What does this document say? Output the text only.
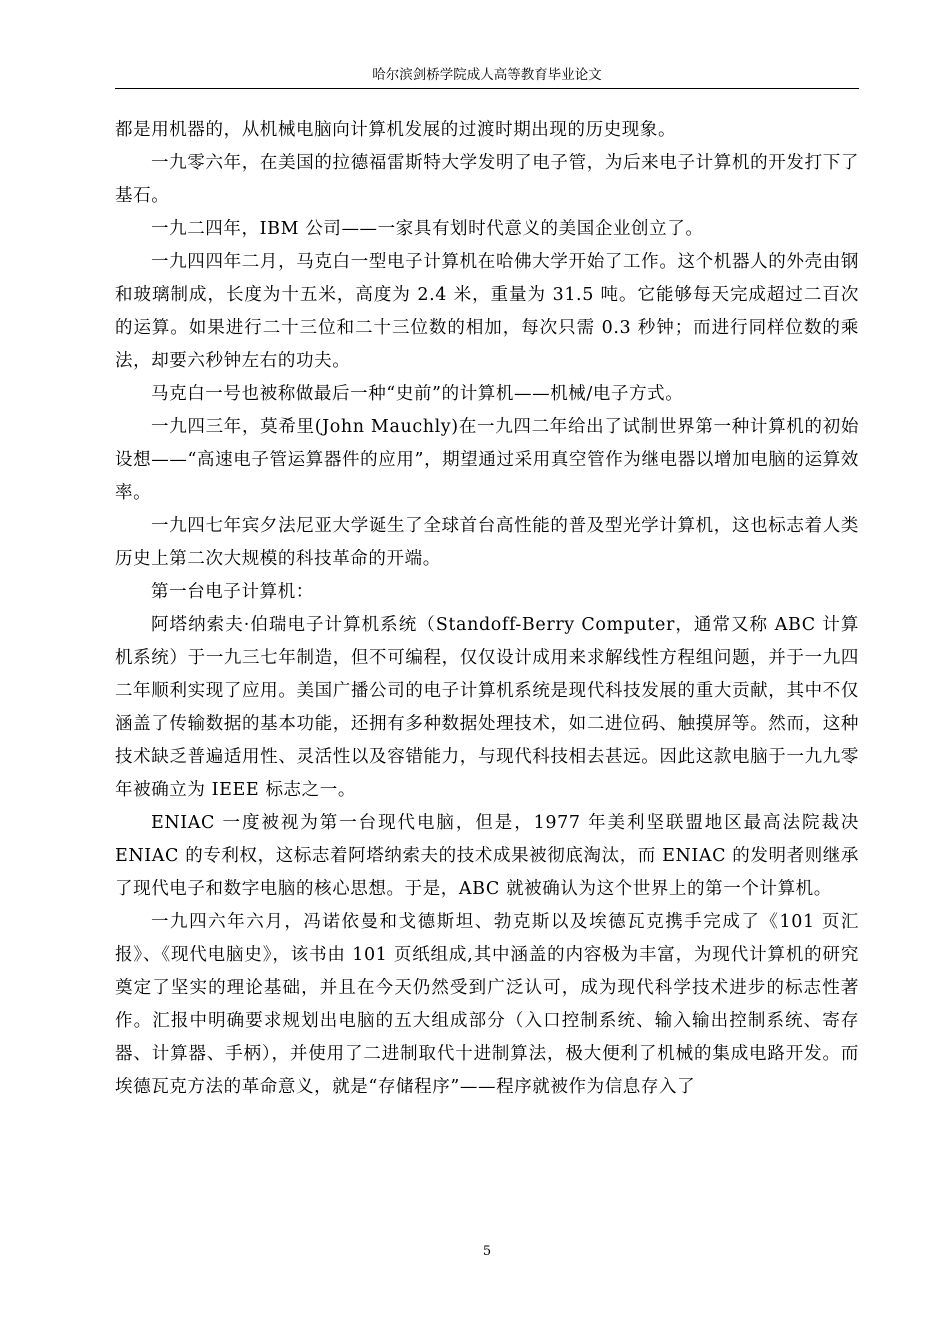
哈尔滨剑桥学院成人高等教育毕业论文

都是用机器的，从机械电脑向计算机发展的过渡时期出现的历史现象。

一九零六年，在美国的拉德福雷斯特大学发明了电子管，为后来电子计算机的开发打下了基石。

一九二四年，IBM 公司——一家具有划时代意义的美国企业创立了。

一九四四年二月，马克白一型电子计算机在哈佛大学开始了工作。这个机器人的外壳由钢和玻璃制成，长度为十五米，高度为 2.4 米，重量为 31.5 吨。它能够每天完成超过二百次的运算。如果进行二十三位和二十三位数的相加，每次只需 0.3 秒钟；而进行同样位数的乘法，却要六秒钟左右的功夫。

马克白一号也被称做最后一种“史前”的计算机——机械/电子方式。

一九四三年，莫希里(John Mauchly)在一九四二年给出了试制世界第一种计算机的初始设想——“高速电子管运算器件的应用”，期望通过采用真空管作为继电器以增加电脑的运算效率。

一九四七年宾夕法尼亚大学诞生了全球首台高性能的普及型光学计算机，这也标志着人类历史上第二次大规模的科技革命的开端。

第一台电子计算机：

阿塔纳索夫·伯瑞电子计算机系统（Standoff-Berry Computer，通常又称 ABC 计算机系统）于一九三七年制造，但不可编程，仅仅设计成用来求解线性方程组问题，并于一九四二年顺利实现了应用。美国广播公司的电子计算机系统是现代科技发展的重大贡献，其中不仅涵盖了传输数据的基本功能，还拥有多种数据处理技术，如二进位码、触摸屏等。然而，这种技术缺乏普遍适用性、灵活性以及容错能力，与现代科技相去甚远。因此这款电脑于一九九零年被确立为 IEEE 标志之一。

ENIAC 一度被视为第一台现代电脑，但是，1977 年美利坚联盟地区最高法院裁决 ENIAC 的专利权，这标志着阿塔纳索夫的技术成果被彻底淘汰，而 ENIAC 的发明者则继承了现代电子和数字电脑的核心思想。于是，ABC 就被确认为这个世界上的第一个计算机。

一九四六年六月，冯诺依曼和戈德斯坦、勃克斯以及埃德瓦克携手完成了《101 页汇报》、《现代电脑史》，该书由 101 页纸组成,其中涵盖的内容极为丰富，为现代计算机的研究奠定了坚实的理论基础，并且在今天仍然受到广泛认可，成为现代科学技术进步的标志性著作。汇报中明确要求规划出电脑的五大组成部分（入口控制系统、输入输出控制系统、寄存器、计算器、手柄），并使用了二进制取代十进制算法，极大便利了机械的集成电路开发。而埃德瓦克方法的革命意义，就是“存储程序”——程序就被作为信息存入了

5
